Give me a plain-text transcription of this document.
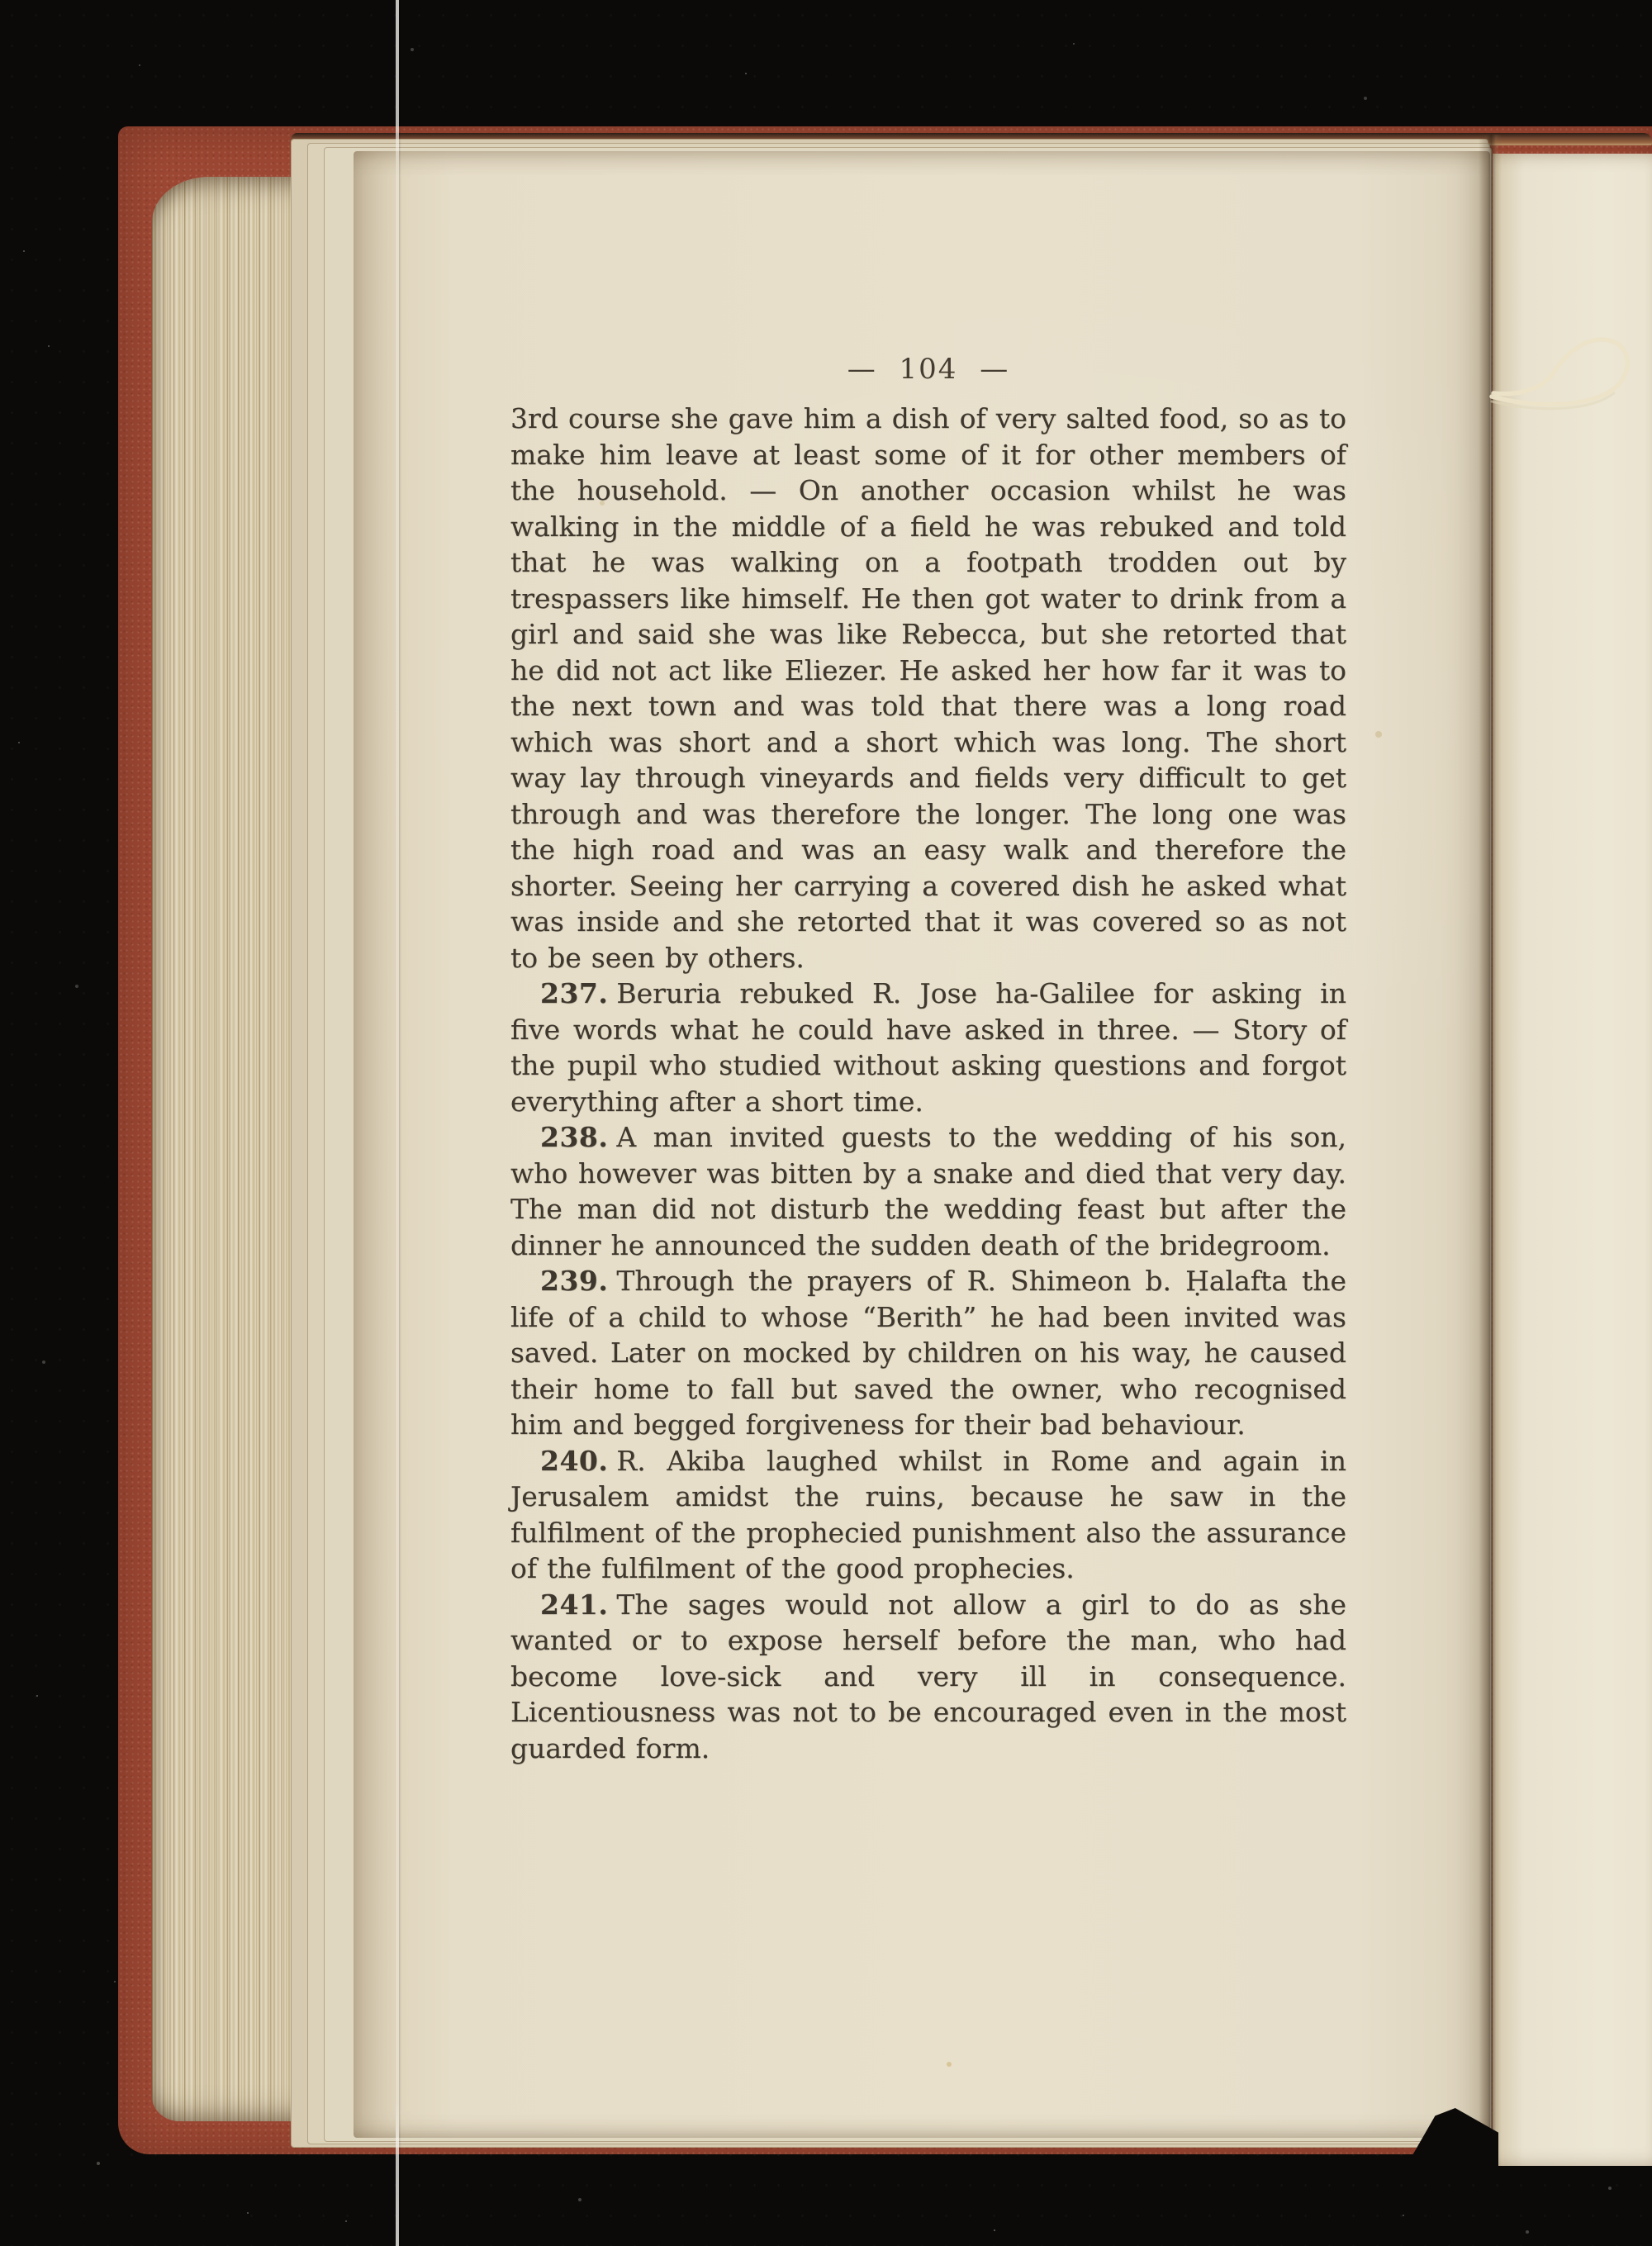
— 104 —

3rd course she gave him a dish of very salted food, so as to make him leave at least some of it for other members of the household. — On another occasion whilst he was walking in the middle of a field he was rebuked and told that he was walking on a footpath trodden out by trespassers like himself. He then got water to drink from a girl and said she was like Rebecca, but she retorted that he did not act like Eliezer. He asked her how far it was to the next town and was told that there was a long road which was short and a short which was long. The short way lay through vineyards and fields very difficult to get through and was therefore the longer. The long one was the high road and was an easy walk and therefore the shorter. Seeing her carrying a covered dish he asked what was inside and she retorted that it was covered so as not to be seen by others.

237. Beruria rebuked R. Jose ha-Galilee for asking in five words what he could have asked in three. — Story of the pupil who studied without asking questions and forgot everything after a short time.

238. A man invited guests to the wedding of his son, who however was bitten by a snake and died that very day. The man did not disturb the wedding feast but after the dinner he announced the sudden death of the bridegroom.

239. Through the prayers of R. Shimeon b. Ḥalafta the life of a child to whose “Berith” he had been invited was saved. Later on mocked by children on his way, he caused their home to fall but saved the owner, who recognised him and begged forgiveness for their bad behaviour.

240. R. Akiba laughed whilst in Rome and again in Jerusalem amidst the ruins, because he saw in the fulfilment of the prophecied punishment also the assurance of the fulfilment of the good prophecies.

241. The sages would not allow a girl to do as she wanted or to expose herself before the man, who had become love-sick and very ill in consequence. Licentiousness was not to be encouraged even in the most guarded form.
